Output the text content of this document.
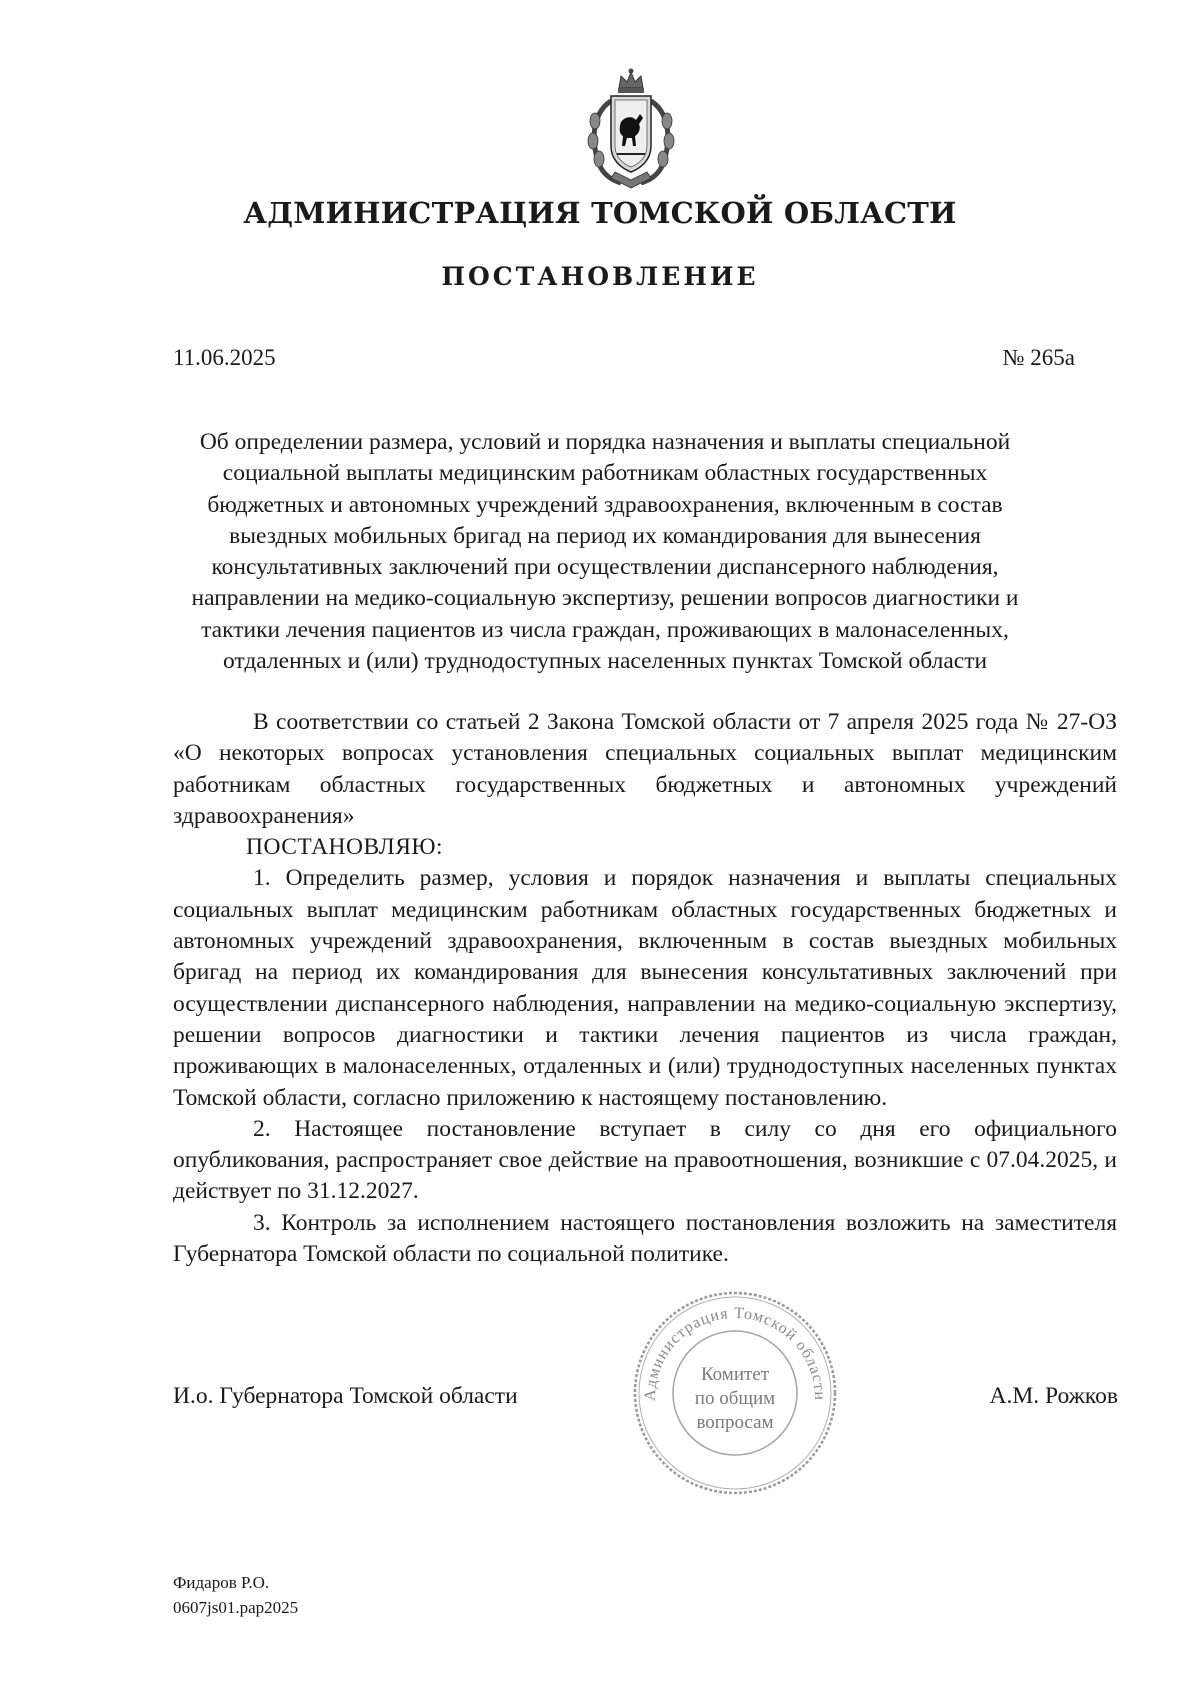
АДМИНИСТРАЦИЯ ТОМСКОЙ ОБЛАСТИ
ПОСТАНОВЛЕНИЕ
11.06.2025	№ 265а
Об определении размера, условий и порядка назначения и выплаты специальной социальной выплаты медицинским работникам областных государственных бюджетных и автономных учреждений здравоохранения, включенным в состав выездных мобильных бригад на период их командирования для вынесения консультативных заключений при осуществлении диспансерного наблюдения, направлении на медико-социальную экспертизу, решении вопросов диагностики и тактики лечения пациентов из числа граждан, проживающих в малонаселенных, отдаленных и (или) труднодоступных населенных пунктах Томской области

В соответствии со статьей 2 Закона Томской области от 7 апреля 2025 года № 27-ОЗ «О некоторых вопросах установления специальных социальных выплат медицинским работникам областных государственных бюджетных и автономных учреждений здравоохранения»

ПОСТАНОВЛЯЮ:

1. Определить размер, условия и порядок назначения и выплаты специальных социальных выплат медицинским работникам областных государственных бюджетных и автономных учреждений здравоохранения, включенным в состав выездных мобильных бригад на период их командирования для вынесения консультативных заключений при осуществлении диспансерного наблюдения, направлении на медико-социальную экспертизу, решении вопросов диагностики и тактики лечения пациентов из числа граждан, проживающих в малонаселенных, отдаленных и (или) труднодоступных населенных пунктах Томской области, согласно приложению к настоящему постановлению.

2. Настоящее постановление вступает в силу со дня его официального опубликования, распространяет свое действие на правоотношения, возникшие с 07.04.2025, и действует по 31.12.2027.

3. Контроль за исполнением настоящего постановления возложить на заместителя Губернатора Томской области по социальной политике.

И.о. Губернатора Томской области	Администрация Томской области
Комитет
по общим
вопросам
А.М. Рожков
Фидаров Р.О.
0607js01.pap2025
